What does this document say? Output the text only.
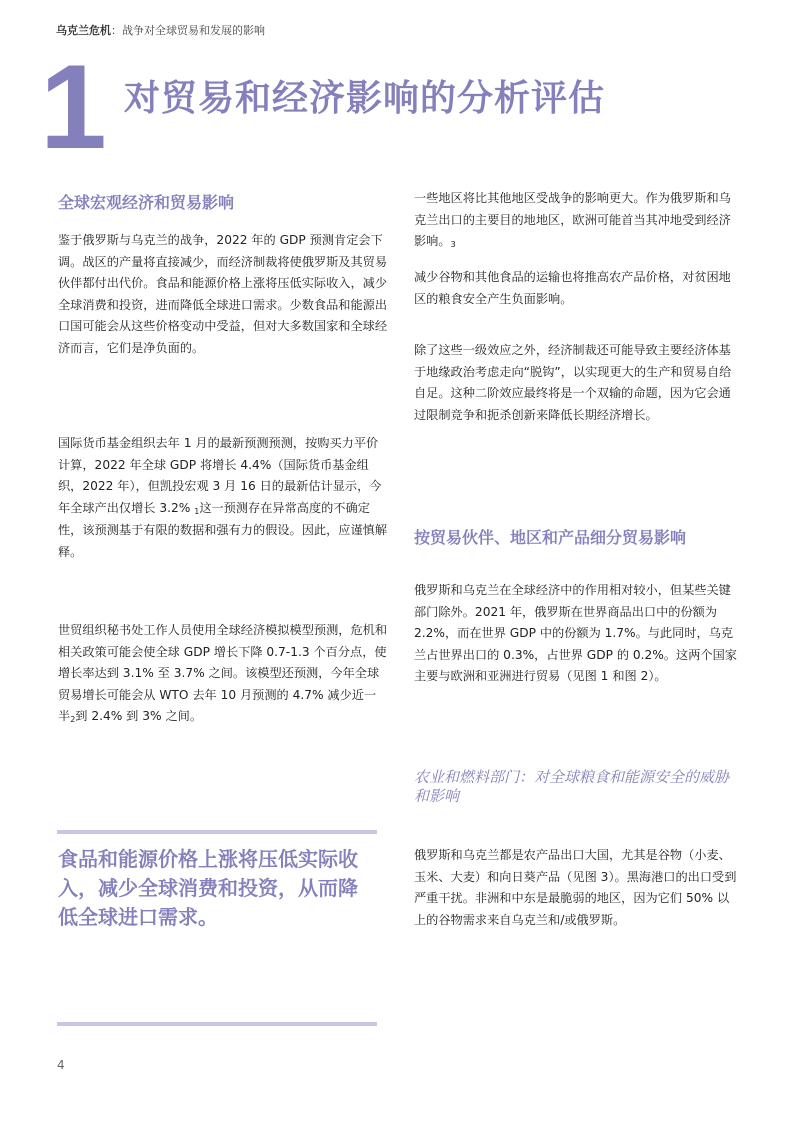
乌克兰危机：战争对全球贸易和发展的影响
1 对贸易和经济影响的分析评估
全球宏观经济和贸易影响
鉴于俄罗斯与乌克兰的战争，2022 年的 GDP 预测肯定会下调。战区的产量将直接减少，而经济制裁将使俄罗斯及其贸易伙伴都付出代价。食品和能源价格上涨将压低实际收入，减少全球消费和投资，进而降低全球进口需求。少数食品和能源出口国可能会从这些价格变动中受益，但对大多数国家和全球经济而言，它们是净负面的。
国际货币基金组织去年 1 月的最新预测预测，按购买力平价计算，2022 年全球 GDP 将增长 4.4%（国际货币基金组织，2022 年），但凯投宏观 3 月 16 日的最新估计显示，今年全球产出仅增长 3.2% 1这一预测存在异常高度的不确定性，该预测基于有限的数据和强有力的假设。因此，应谨慎解释。
世贸组织秘书处工作人员使用全球经济模拟模型预测，危机和相关政策可能会使全球 GDP 增长下降 0.7-1.3 个百分点，使增长率达到 3.1% 至 3.7% 之间。该模型还预测，今年全球贸易增长可能会从 WTO 去年 10 月预测的 4.7% 减少近一半2到 2.4% 到 3% 之间。
食品和能源价格上涨将压低实际收入，减少全球消费和投资，从而降低全球进口需求。
一些地区将比其他地区受战争的影响更大。作为俄罗斯和乌克兰出口的主要目的地地区，欧洲可能首当其冲地受到经济影响。3
减少谷物和其他食品的运输也将推高农产品价格，对贫困地区的粮食安全产生负面影响。
除了这些一级效应之外，经济制裁还可能导致主要经济体基于地缘政治考虑走向“脱钩”，以实现更大的生产和贸易自给自足。这种二阶效应最终将是一个双输的命题，因为它会通过限制竞争和扼杀创新来降低长期经济增长。
按贸易伙伴、地区和产品细分贸易影响
俄罗斯和乌克兰在全球经济中的作用相对较小，但某些关键部门除外。2021 年，俄罗斯在世界商品出口中的份额为 2.2%，而在世界 GDP 中的份额为 1.7%。与此同时，乌克兰占世界出口的 0.3%，占世界 GDP 的 0.2%。这两个国家主要与欧洲和亚洲进行贸易（见图 1 和图 2）。
农业和燃料部门：对全球粮食和能源安全的威胁和影响
俄罗斯和乌克兰都是农产品出口大国，尤其是谷物（小麦、玉米、大麦）和向日葵产品（见图 3）。黑海港口的出口受到严重干扰。非洲和中东是最脆弱的地区，因为它们 50% 以上的谷物需求来自乌克兰和/或俄罗斯。
4
